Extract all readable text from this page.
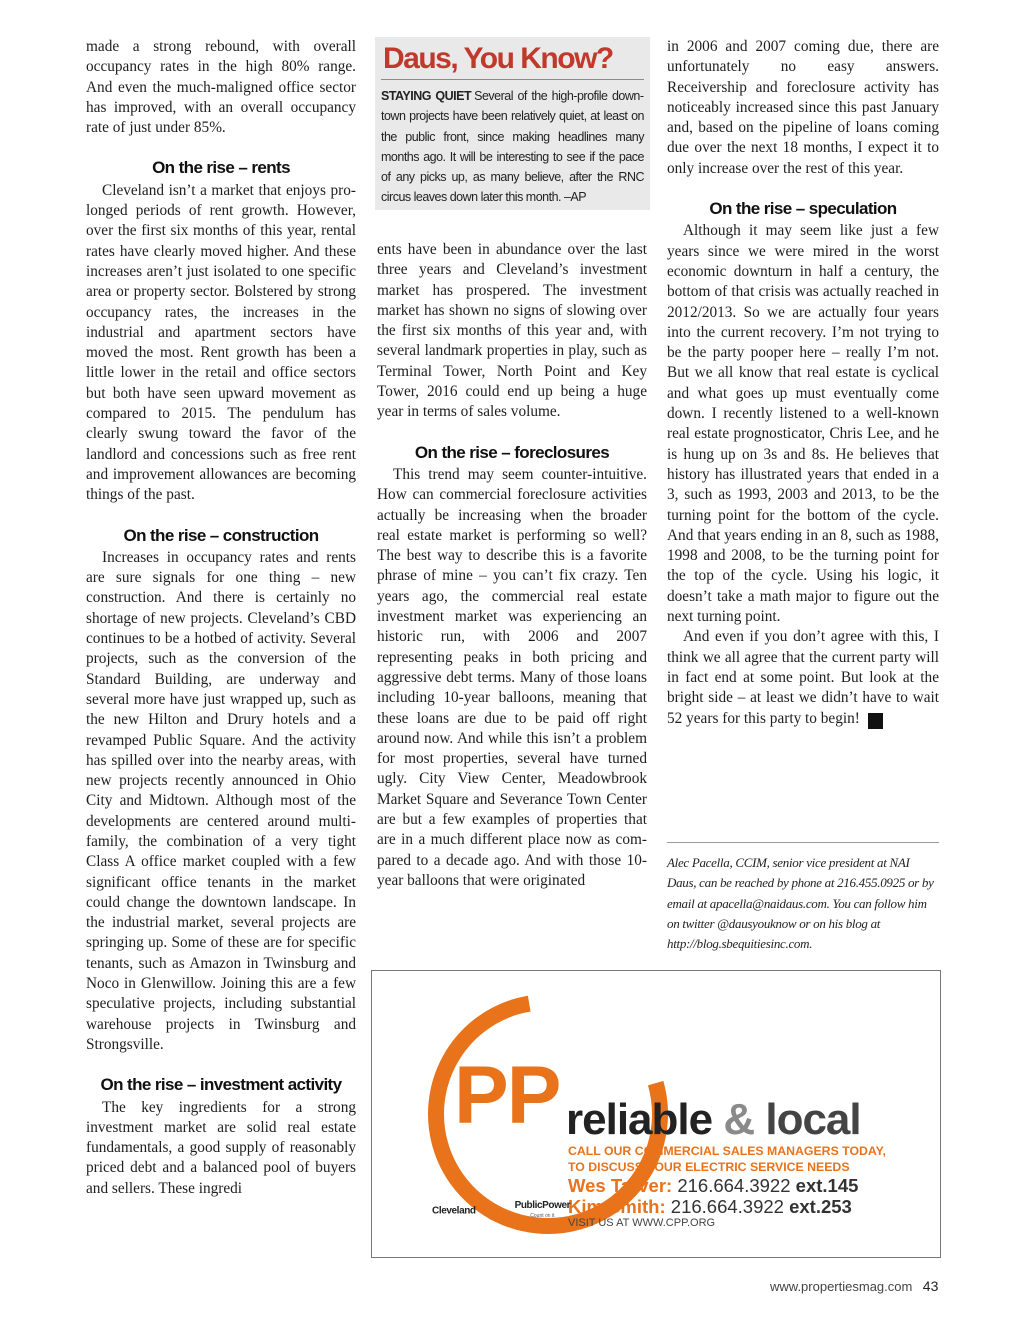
made a strong rebound, with overall occupancy rates in the high 80% range. And even the much-maligned office sector has improved, with an overall occupancy rate of just under 85%.

On the rise – rents

Cleveland isn’t a market that enjoys prolonged periods of rent growth. However, over the first six months of this year, rental rates have clearly moved higher. And these increases aren’t just isolated to one specific area or property sector. Bolstered by strong occupancy rates, the increases in the industrial and apartment sectors have moved the most. Rent growth has been a little lower in the retail and office sectors but both have seen upward movement as compared to 2015. The pendulum has clearly swung toward the favor of the landlord and concessions such as free rent and improvement allowances are becoming things of the past.

On the rise – construction

Increases in occupancy rates and rents are sure signals for one thing – new construction. And there is certainly no shortage of new projects. Cleveland’s CBD continues to be a hotbed of activity. Several projects, such as the conversion of the Standard Building, are underway and several more have just wrapped up, such as the new Hilton and Drury hotels and a revamped Public Square. And the activity has spilled over into the nearby areas, with new projects recently announced in Ohio City and Midtown. Although most of the developments are centered around multi-family, the combination of a very tight Class A office market coupled with a few significant office tenants in the market could change the downtown landscape. In the industrial market, several projects are springing up. Some of these are for specific tenants, such as Amazon in Twinsburg and Noco in Glenwillow. Joining this are a few speculative projects, including substantial warehouse projects in Twinsburg and Strongsville.

On the rise – investment activity

The key ingredients for a strong investment market are solid real estate fundamentals, a good supply of reasonably priced debt and a balanced pool of buyers and sellers. These ingredi

Daus, You Know?
STAYING QUIET Several of the high-profile downtown projects have been relatively quiet, at least on the public front, since making headlines many months ago. It will be interesting to see if the pace of any picks up, as many believe, after the RNC circus leaves down later this month. –AP

ents have been in abundance over the last three years and Cleveland’s investment market has prospered. The investment market has shown no signs of slowing over the first six months of this year and, with several landmark properties in play, such as Terminal Tower, North Point and Key Tower, 2016 could end up being a huge year in terms of sales volume.

On the rise – foreclosures

This trend may seem counter-intuitive. How can commercial foreclosure activities actually be increasing when the broader real estate market is performing so well? The best way to describe this is a favorite phrase of mine – you can’t fix crazy. Ten years ago, the commercial real estate investment market was experiencing an historic run, with 2006 and 2007 representing peaks in both pricing and aggressive debt terms. Many of those loans including 10-year balloons, meaning that these loans are due to be paid off right around now. And while this isn’t a problem for most properties, several have turned ugly. City View Center, Meadowbrook Market Square and Severance Town Center are but a few examples of properties that are in a much different place now as compared to a decade ago. And with those 10-year balloons that were originated

in 2006 and 2007 coming due, there are unfortunately no easy answers. Receivership and foreclosure activity has noticeably increased since this past January and, based on the pipeline of loans coming due over the next 18 months, I expect it to only increase over the rest of this year.

On the rise – speculation

Although it may seem like just a few years since we were mired in the worst economic downturn in half a century, the bottom of that crisis was actually reached in 2012/2013. So we are actually four years into the current recovery. I’m not trying to be the party pooper here – really I’m not. But we all know that real estate is cyclical and what goes up must eventually come down. I recently listened to a well-known real estate prognosticator, Chris Lee, and he is hung up on 3s and 8s. He believes that history has illustrated years that ended in a 3, such as 1993, 2003 and 2013, to be the turning point for the bottom of the cycle. And that years ending in an 8, such as 1988, 1998 and 2008, to be the turning point for the top of the cycle. Using his logic, it doesn’t take a math major to figure out the next turning point.

And even if you don’t agree with this, I think we all agree that the current party will in fact end at some point. But look at the bright side – at least we didn’t have to wait 52 years for this party to begin! P

Alec Pacella, CCIM, senior vice president at NAI Daus, can be reached by phone at 216.455.0925 or by email at apacella@naidaus.com. You can follow him on twitter @dausyouknow or on his blog at http://blog.sbequitiesinc.com.

PP reliable & local
CALL OUR COMMERCIAL SALES MANAGERS TODAY,
TO DISCUSS YOUR ELECTRIC SERVICE NEEDS
Wes Tarver: 216.664.3922 ext.145
Kim Smith: 216.664.3922 ext.253
VISIT US AT WWW.CPP.ORG
Cleveland PP

PublicPower
Count on it
www.propertiesmag.com 43
